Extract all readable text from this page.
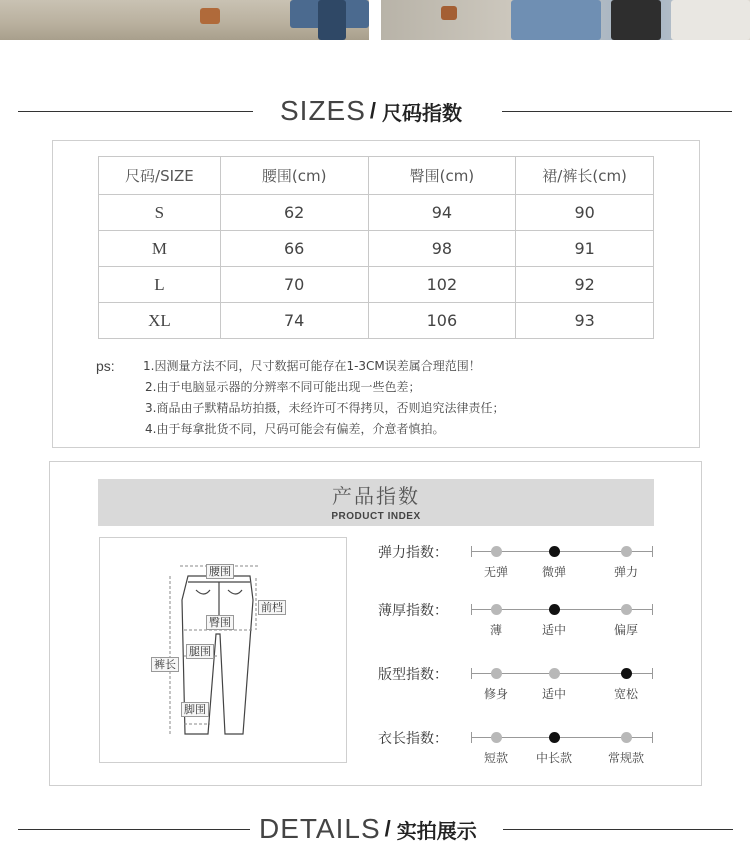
SIZES / 尺码指数
尺码/SIZE	腰围(cm)	臀围(cm)	裙/裤长(cm)
S	62	94	90
M	66	98	91
L	70	102	92
XL	74	106	93
ps: 1.因测量方法不同，尺寸数据可能存在1-3CM误差属合理范围！
2.由于电脑显示器的分辨率不同可能出现一些色差；
3.商品由子默精品坊拍摄，未经许可不得拷贝，否则追究法律责任；
4.由于每拿批货不同，尺码可能会有偏差，介意者慎拍。
产品指数
PRODUCT INDEX
腰围
前档
臀围
腿围
裤长
脚围
弹力指数：
无弹	微弹	弹力
薄厚指数：
薄	适中	偏厚
版型指数：
修身	适中	宽松
衣长指数：
短款 中长款	常规款
DETAILS / 实拍展示
